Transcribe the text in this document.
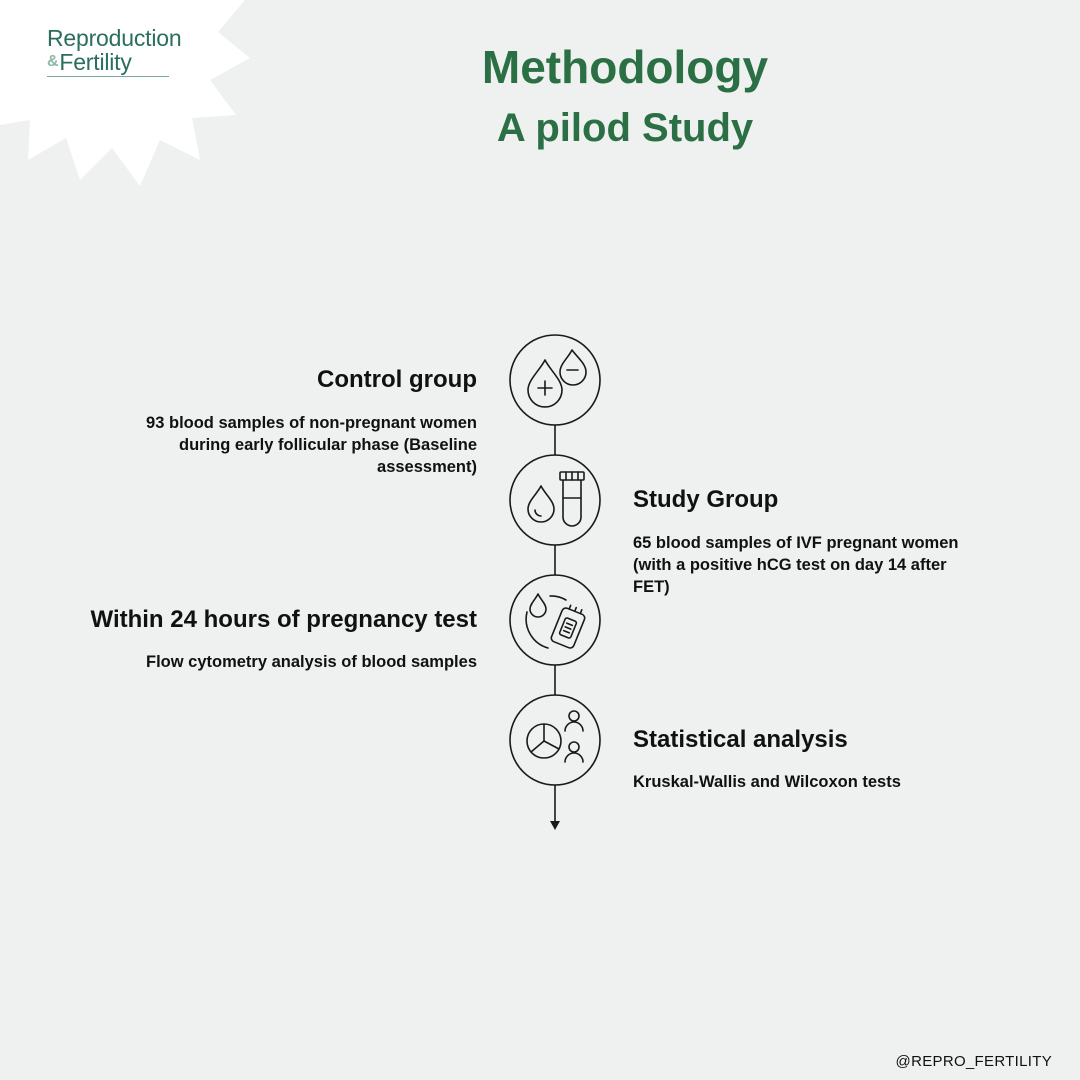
Reproduction
& Fertility	Methodology
A pilod Study
Control group
93 blood samples of non-pregnant women
during early follicular phase (Baseline
assessment)
Study Group
65 blood samples of IVF pregnant women
(with a positive hCG test on day 14 after
FET)
Within 24 hours of pregnancy test
Flow cytometry analysis of blood samples
Statistical analysis
Kruskal-Wallis and Wilcoxon tests
@REPRO_FERTILITY
